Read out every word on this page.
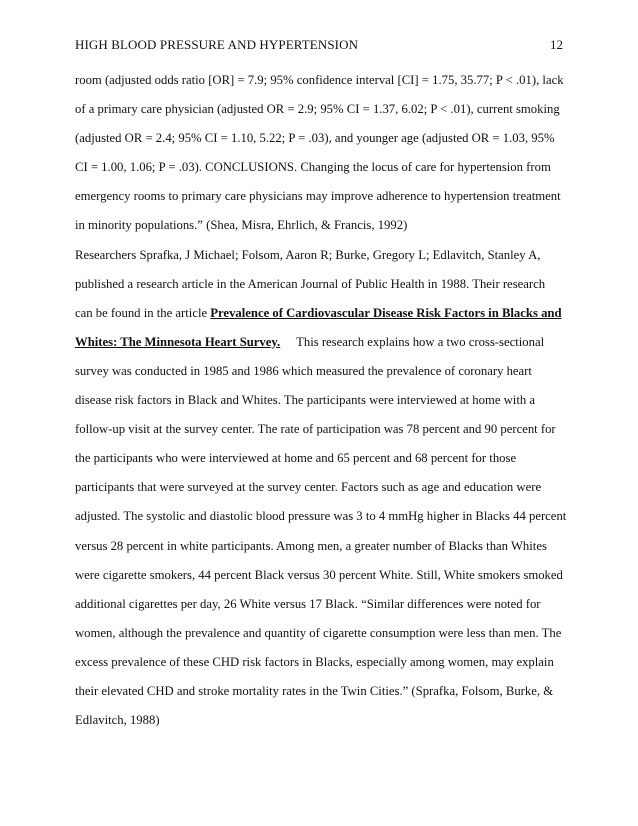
HIGH BLOOD PRESSURE AND HYPERTENSION	12
room (adjusted odds ratio [OR] = 7.9; 95% confidence interval [CI] = 1.75, 35.77; P < .01), lack
of a primary care physician (adjusted OR = 2.9; 95% CI = 1.37, 6.02; P < .01), current smoking
(adjusted OR = 2.4; 95% CI = 1.10, 5.22; P = .03), and younger age (adjusted OR = 1.03, 95%
CI = 1.00, 1.06; P = .03). CONCLUSIONS. Changing the locus of care for hypertension from
emergency rooms to primary care physicians may improve adherence to hypertension treatment
in minority populations.” (Shea, Misra, Ehrlich, & Francis, 1992)
Researchers Sprafka, J Michael; Folsom, Aaron R; Burke, Gregory L; Edlavitch, Stanley A,
published a research article in the American Journal of Public Health in 1988. Their research
can be found in the article Prevalence of Cardiovascular Disease Risk Factors in Blacks and
Whites: The Minnesota Heart Survey. This research explains how a two cross-sectional
survey was conducted in 1985 and 1986 which measured the prevalence of coronary heart
disease risk factors in Black and Whites. The participants were interviewed at home with a
follow-up visit at the survey center. The rate of participation was 78 percent and 90 percent for
the participants who were interviewed at home and 65 percent and 68 percent for those
participants that were surveyed at the survey center. Factors such as age and education were
adjusted. The systolic and diastolic blood pressure was 3 to 4 mmHg higher in Blacks 44 percent
versus 28 percent in white participants. Among men, a greater number of Blacks than Whites
were cigarette smokers, 44 percent Black versus 30 percent White. Still, White smokers smoked
additional cigarettes per day, 26 White versus 17 Black. “Similar differences were noted for
women, although the prevalence and quantity of cigarette consumption were less than men. The
excess prevalence of these CHD risk factors in Blacks, especially among women, may explain
their elevated CHD and stroke mortality rates in the Twin Cities.” (Sprafka, Folsom, Burke, &
Edlavitch, 1988)
